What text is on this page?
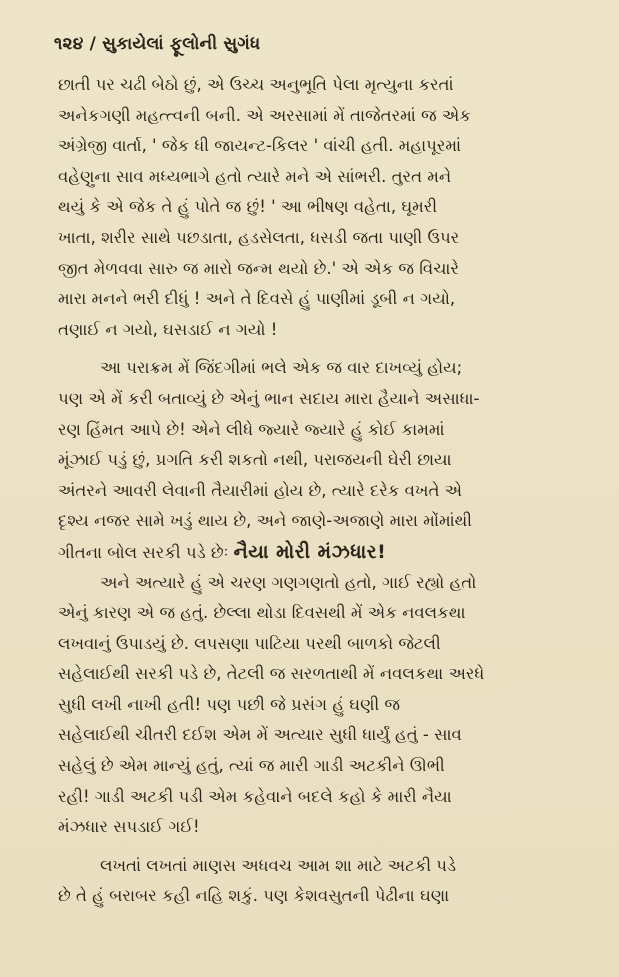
૧૨૪ / સુકાયેલાં ફૂલોની સુગંધ
છાતી પર ચઢી બેઠો છું, એ ઉચ્ચ અનુભૂતિ પેલા મૃત્યુના કરતાં
અનેકગણી મહત્ત્વની બની. એ અરસામાં મેં તાજેતરમાં જ એક
અંગ્રેજી વાર્તા, ' જેક ધી જાયન્ટ-કિલર ' વાંચી હતી. મહાપૂરમાં
વહેણુના સાવ મધ્યભાગે હતો ત્યારે મને એ સાંભરી. તુરત મને
થયું કે એ જેક તે હું પોતે જ છું! ' આ ભીષણ વહેતા, ઘૂમરી
ખાતા, શરીર સાથે પછડાતા, હડસેલતા, ધસડી જતા પાણી ઉપર
જીત મેળવવા સારુ જ મારો જન્મ થયો છે.' એ એક જ વિચારે
મારા મનને ભરી દીધું ! અને તે દિવસે હું પાણીમાં ડૂબી ન ગયો,
તણાઈ ન ગયો, ઘસડાઈ ન ગયો !
આ પરાક્રમ મેં જિંદગીમાં ભલે એક જ વાર દાખવ્યું હોય;
પણ એ મેં કરી બતાવ્યું છે એનું ભાન સદાય મારા હૈયાને અસાધા-
રણ હિંમત આપે છે! એને લીધે જ્યારે જ્યારે હું કોઈ કામમાં
મૂંઝાઈ પડું છું, પ્રગતિ કરી શકતો નથી, પરાજયની ઘેરી છાયા
અંતરને આવરી લેવાની તૈયારીમાં હોય છે, ત્યારે દરેક વખતે એ
દૃશ્ય નજર સામે ખડું થાય છે, અને જાણે-અજાણે મારા મોંમાંથી
ગીતના બોલ સરકી પડે છેઃ નૈયા મોરી મંઝધાર!
અને અત્યારે હું એ ચરણ ગણગણતો હતો, ગાઈ રહ્યો હતો
એનું કારણ એ જ હતું. છેલ્લા થોડા દિવસથી મેં એક નવલકથા
લખવાનું ઉપાડયું છે. લપસણા પાટિયા પરથી બાળકો જેટલી
સહેલાઈથી સરકી પડે છે, તેટલી જ સરળતાથી મેં નવલકથા અરધે
સુધી લખી નાખી હતી! પણ પછી જે પ્રસંગ હું ઘણી જ
સહેલાઈથી ચીતરી દઈશ એમ મેં અત્યાર સુધી ધાર્યું હતું - સાવ
સહેલું છે એમ માન્યું હતું, ત્યાં જ મારી ગાડી અટકીને ઊભી
રહી! ગાડી અટકી પડી એમ કહેવાને બદલે કહો કે મારી નૈયા
મંઝધાર સપડાઈ ગઈ!
લખતાં લખતાં માણસ અધવચ આમ શા માટે અટકી પડે
છે તે હું બરાબર કહી નહિ શકું. પણ કેશવસુતની પેઢીના ઘણા
